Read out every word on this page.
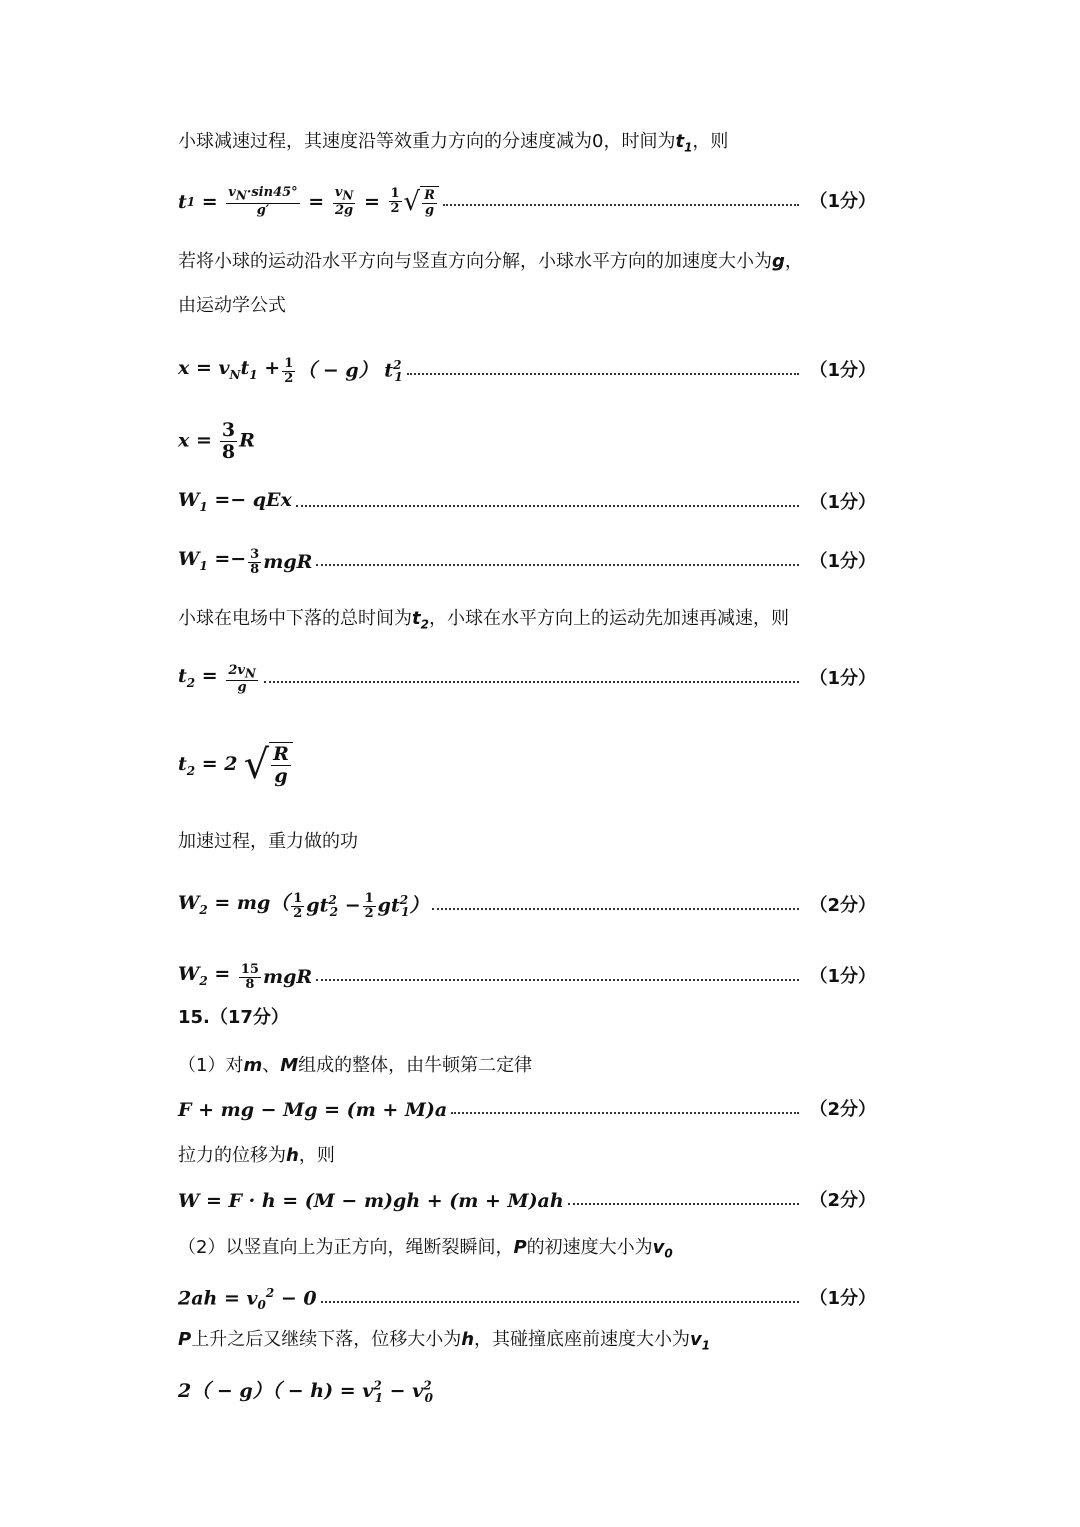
小球减速过程，其速度沿等效重力方向的分速度减为0，时间为$t_1$，则
t $1 = \frac{v_N\cdot\sin 45^\circ}{g'} = \frac{v_N}{2g} = \frac{1}{2}$ √ $\frac{R}{g}$	（1分）
若将小球的运动沿水平方向与竖直方向分解，小球水平方向的加速度大小为g，
由运动学公式
$x = v_Nt_1 + \frac{1}{2}$ （ − g） $t^2_1$	（1分）
$x = \frac{3}{8}$ R
$W_1$ =− qEx	（1分）
$W_1 =- \frac{3}{8}$ mgR	（1分）
小球在电场中下落的总时间为$t_2$，小球在水平方向上的运动先加速再减速，则
$t_2 = \frac{2v_N}{g}$	（1分）
$t_2 = 2$ √ $\frac{R}{g}$
加速过程，重力做的功
$W_2 = mg( \frac{1}{2} gt^2_2 - \frac{1}{2} gt^2_1)$	（2分）
$W_2 = \frac{15}{8}$ mgR	（1分）
15.（17分）
（1）对m、M组成的整体，由牛顿第二定律
F + mg − Mg = (m + M)a	（2分）
拉力的位移为h，则
W = F · h = (M − m)gh + (m + M)ah	（2分）
（2）以竖直向上为正方向，绳断裂瞬间，P的初速度大小为$v_0$
$2ah = v_0^2 - 0$	（1分）
P上升之后又继续下落，位移大小为h，其碰撞底座前速度大小为$v_1$
$2( - g)( - h) = v^2_1 - v^2_0$
